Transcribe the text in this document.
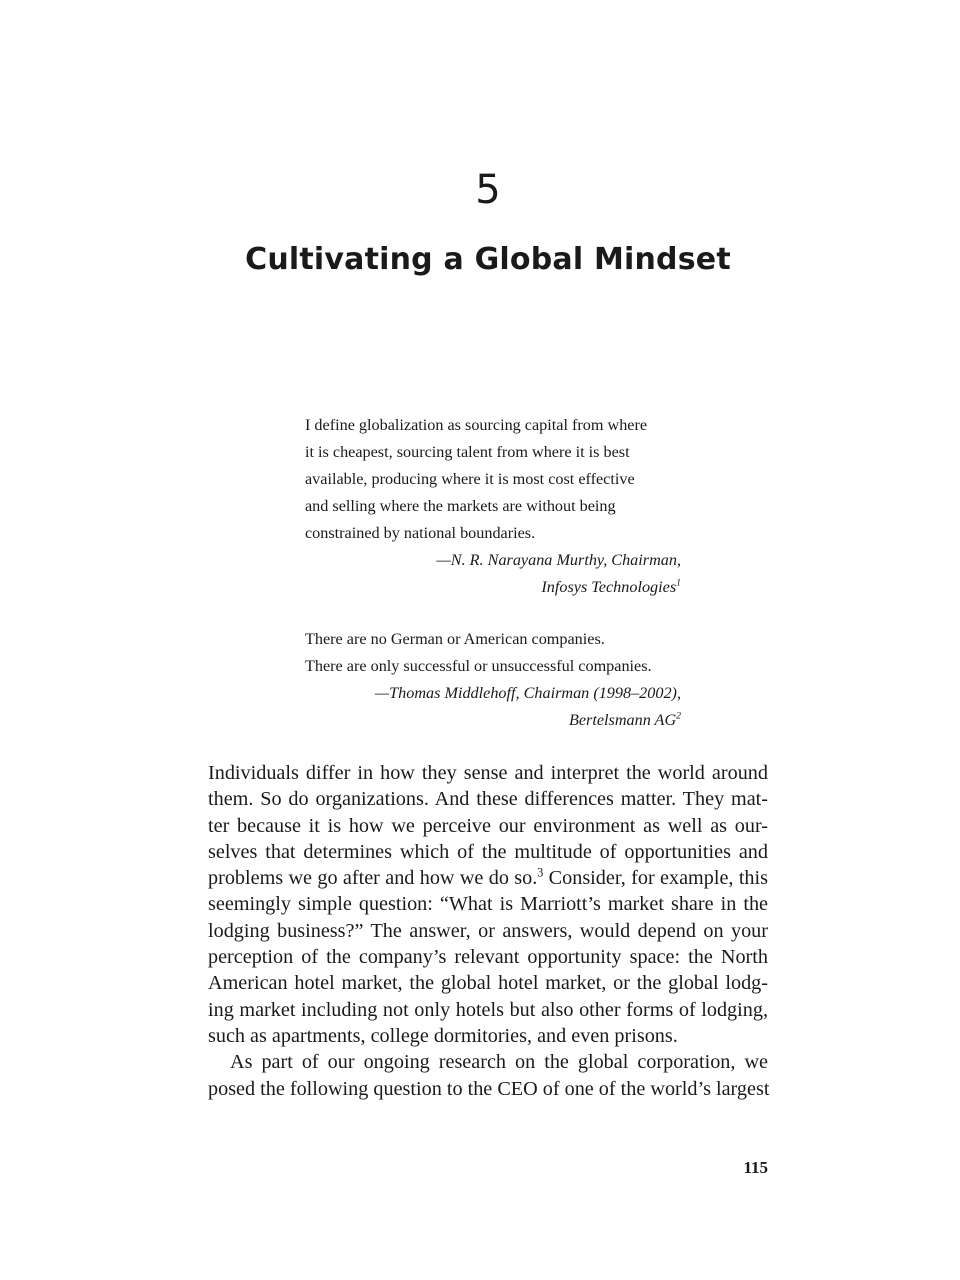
5
Cultivating a Global Mindset
I define globalization as sourcing capital from where
it is cheapest, sourcing talent from where it is best
available, producing where it is most cost effective
and selling where the markets are without being
constrained by national boundaries.
—N. R. Narayana Murthy, Chairman,
Infosys Technologies$^1$
There are no German or American companies.
There are only successful or unsuccessful companies.
—Thomas Middlehoff, Chairman (1998–2002),
Bertelsmann $AG^2$
Individuals differ in how they sense and interpret the world around
them. So do organizations. And these differences matter. They mat-
ter because it is how we perceive our environment as well as our-
selves that determines which of the multitude of opportunities and
problems we go after and how we do so.$^3$ Consider, for example, this
seemingly simple question: “What is Marriott’s market share in the
lodging business?” The answer, or answers, would depend on your
perception of the company’s relevant opportunity space: the North
American hotel market, the global hotel market, or the global lodg-
ing market including not only hotels but also other forms of lodging,
such as apartments, college dormitories, and even prisons.
As part of our ongoing research on the global corporation, we
posed the following question to the CEO of one of the world’s largest
115
